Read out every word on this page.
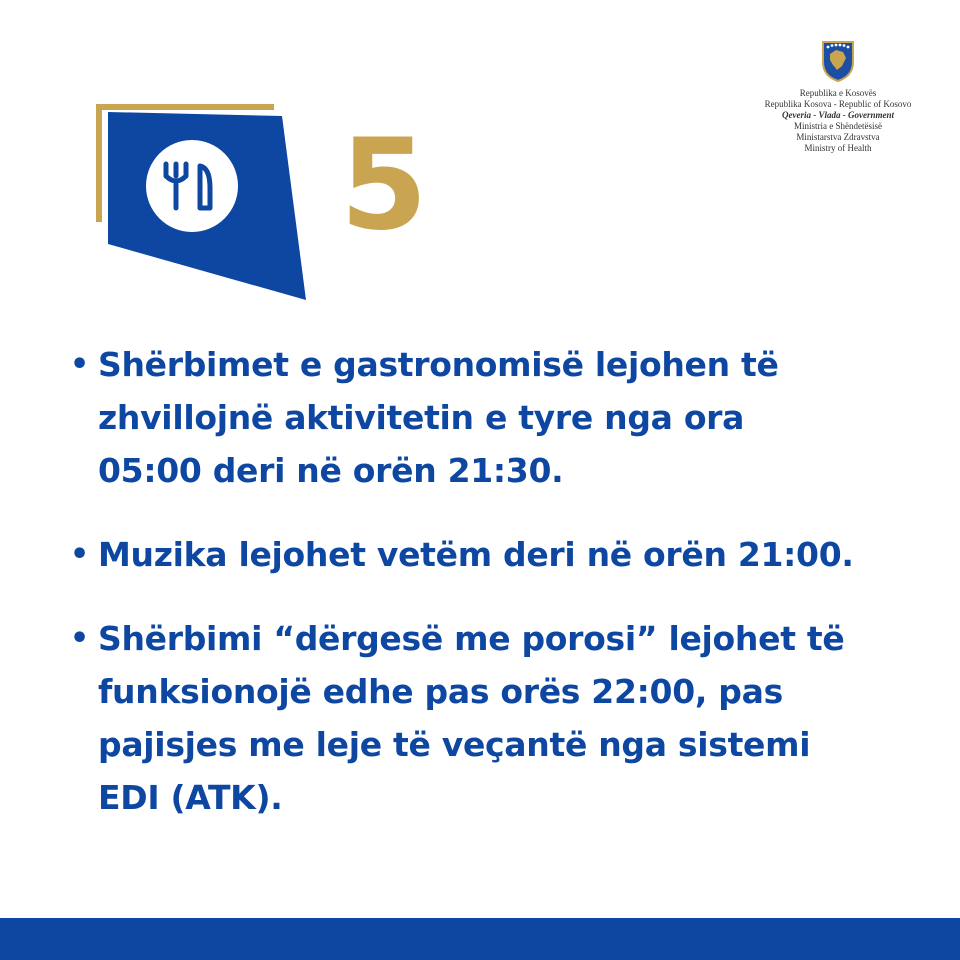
5
Republika e Kosovës
Republika Kosova - Republic of Kosovo
Qeveria - Vlada - Government
Ministria e Shëndetësisë
Ministarstva Zdravstva
Ministry of Health
• Shërbimet e gastronomisë lejohen të
zhvillojnë aktivitetin e tyre nga ora
05:00 deri në orën 21:30.
• Muzika lejohet vetëm deri në orën 21:00.
• Shërbimi “dërgesë me porosi” lejohet të
funksionojë edhe pas orës 22:00, pas
pajisjes me leje të veçantë nga sistemi
EDI (ATK).
